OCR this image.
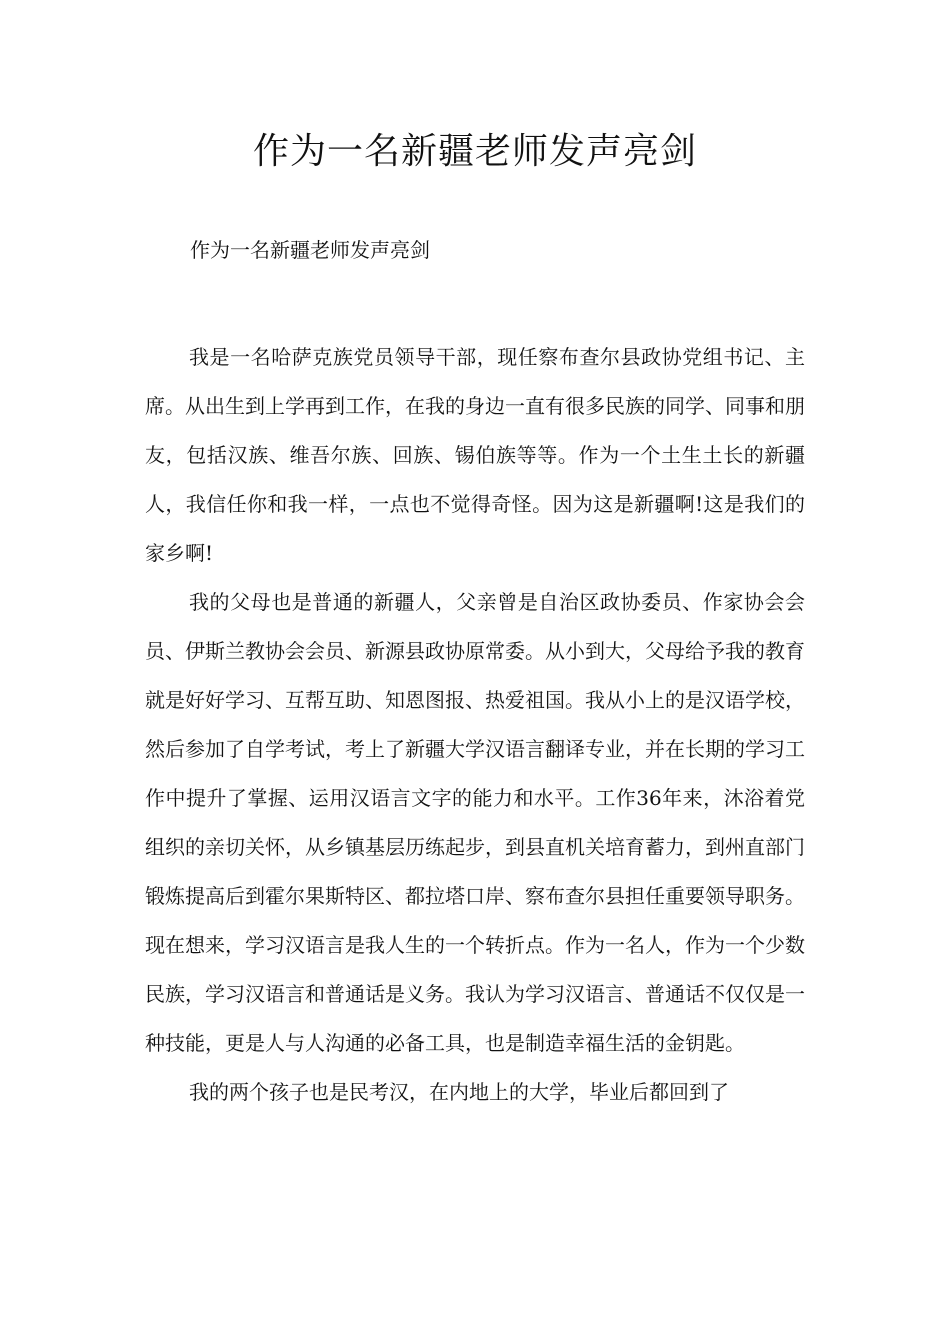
作为一名新疆老师发声亮剑

作为一名新疆老师发声亮剑

我是一名哈萨克族党员领导干部，现任察布查尔县政协党组书记、主席。从出生到上学再到工作，在我的身边一直有很多民族的同学、同事和朋友，包括汉族、维吾尔族、回族、锡伯族等等。作为一个土生土长的新疆人，我信任你和我一样，一点也不觉得奇怪。因为这是新疆啊!这是我们的家乡啊!

我的父母也是普通的新疆人，父亲曾是自治区政协委员、作家协会会员、伊斯兰教协会会员、新源县政协原常委。从小到大，父母给予我的教育就是好好学习、互帮互助、知恩图报、热爱祖国。我从小上的是汉语学校，然后参加了自学考试，考上了新疆大学汉语言翻译专业，并在长期的学习工作中提升了掌握、运用汉语言文字的能力和水平。工作36年来，沐浴着党组织的亲切关怀，从乡镇基层历练起步，到县直机关培育蓄力，到州直部门锻炼提高后到霍尔果斯特区、都拉塔口岸、察布查尔县担任重要领导职务。现在想来，学习汉语言是我人生的一个转折点。作为一名人，作为一个少数民族，学习汉语言和普通话是义务。我认为学习汉语言、普通话不仅仅是一种技能，更是人与人沟通的必备工具，也是制造幸福生活的金钥匙。

我的两个孩子也是民考汉，在内地上的大学，毕业后都回到了
